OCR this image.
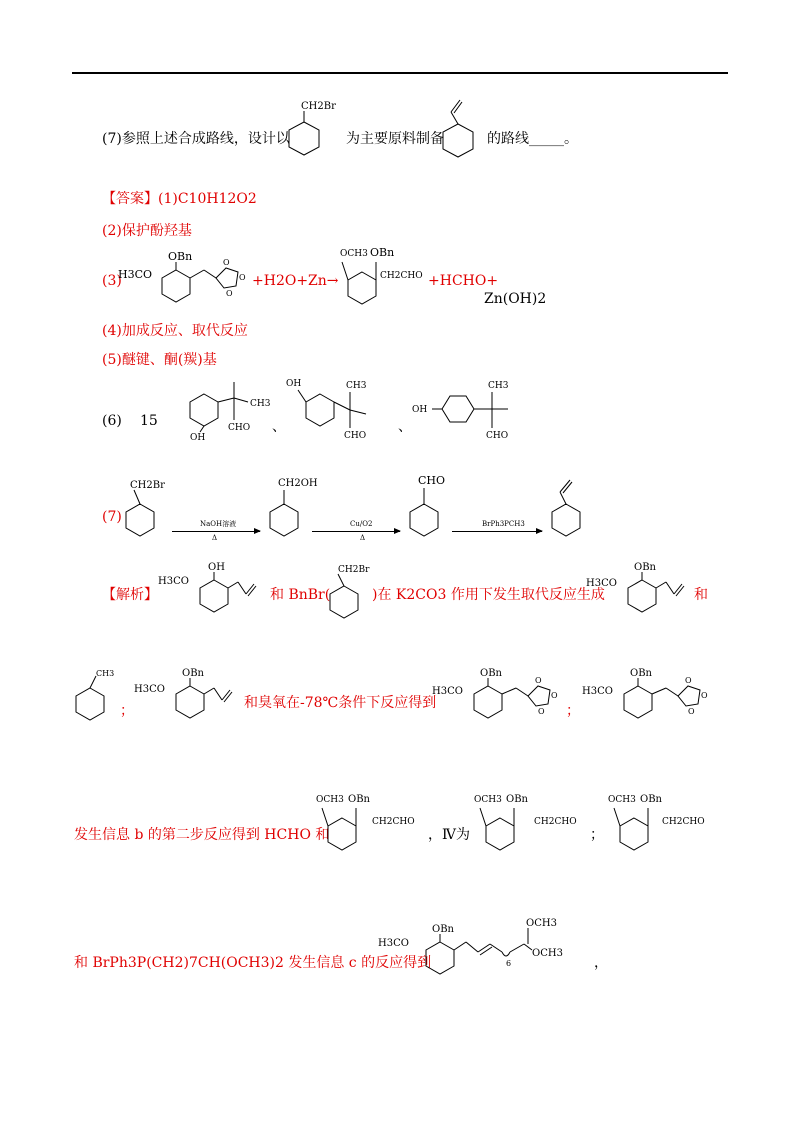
(7)参照上述合成路线，设计以
CH2Br
为主要原料制备	的路线_____。
【答案】 (1)C10H12O2
(2)保护酚羟基
(3)
H3CO
OBn	O
O
O
+H2O+Zn→
OCH3 OBn
CH2CHO +HCHO+
Zn(OH)2
(4)加成反应、取代反应
(5)醚键、酮(羰)基
(6) 15
CH3
CHO
OH
、
OH	CH3
CHO
、
OH
CH3
CHO
(7)
CH2Br
NaOH溶液
Δ
CH2OH
Cu/O2
Δ
CHO
BrPh3PCH3
【解析】
H3CO
OH
和 BnBr(
CH2Br
)在 K2CO3 作用下发生取代反应生成
H3CO
OBn
和
CH3
；
H3CO
OBn
和臭氧在-78℃条件下反应得到
H3CO
OBn
O
O
O ；
H3CO
OBn
O
O
O
发生信息 b 的第二步反应得到 HCHO 和
OCH3 OBn
CH2CHO
，Ⅳ为
OCH3 OBn
CH2CHO
；
OCH3 OBn
CH2CHO
和 BrPh3P(CH2)7CH(OCH3)2 发生信息 c 的反应得到
H3CO
OBn
OCH3
OCH3
6	，
